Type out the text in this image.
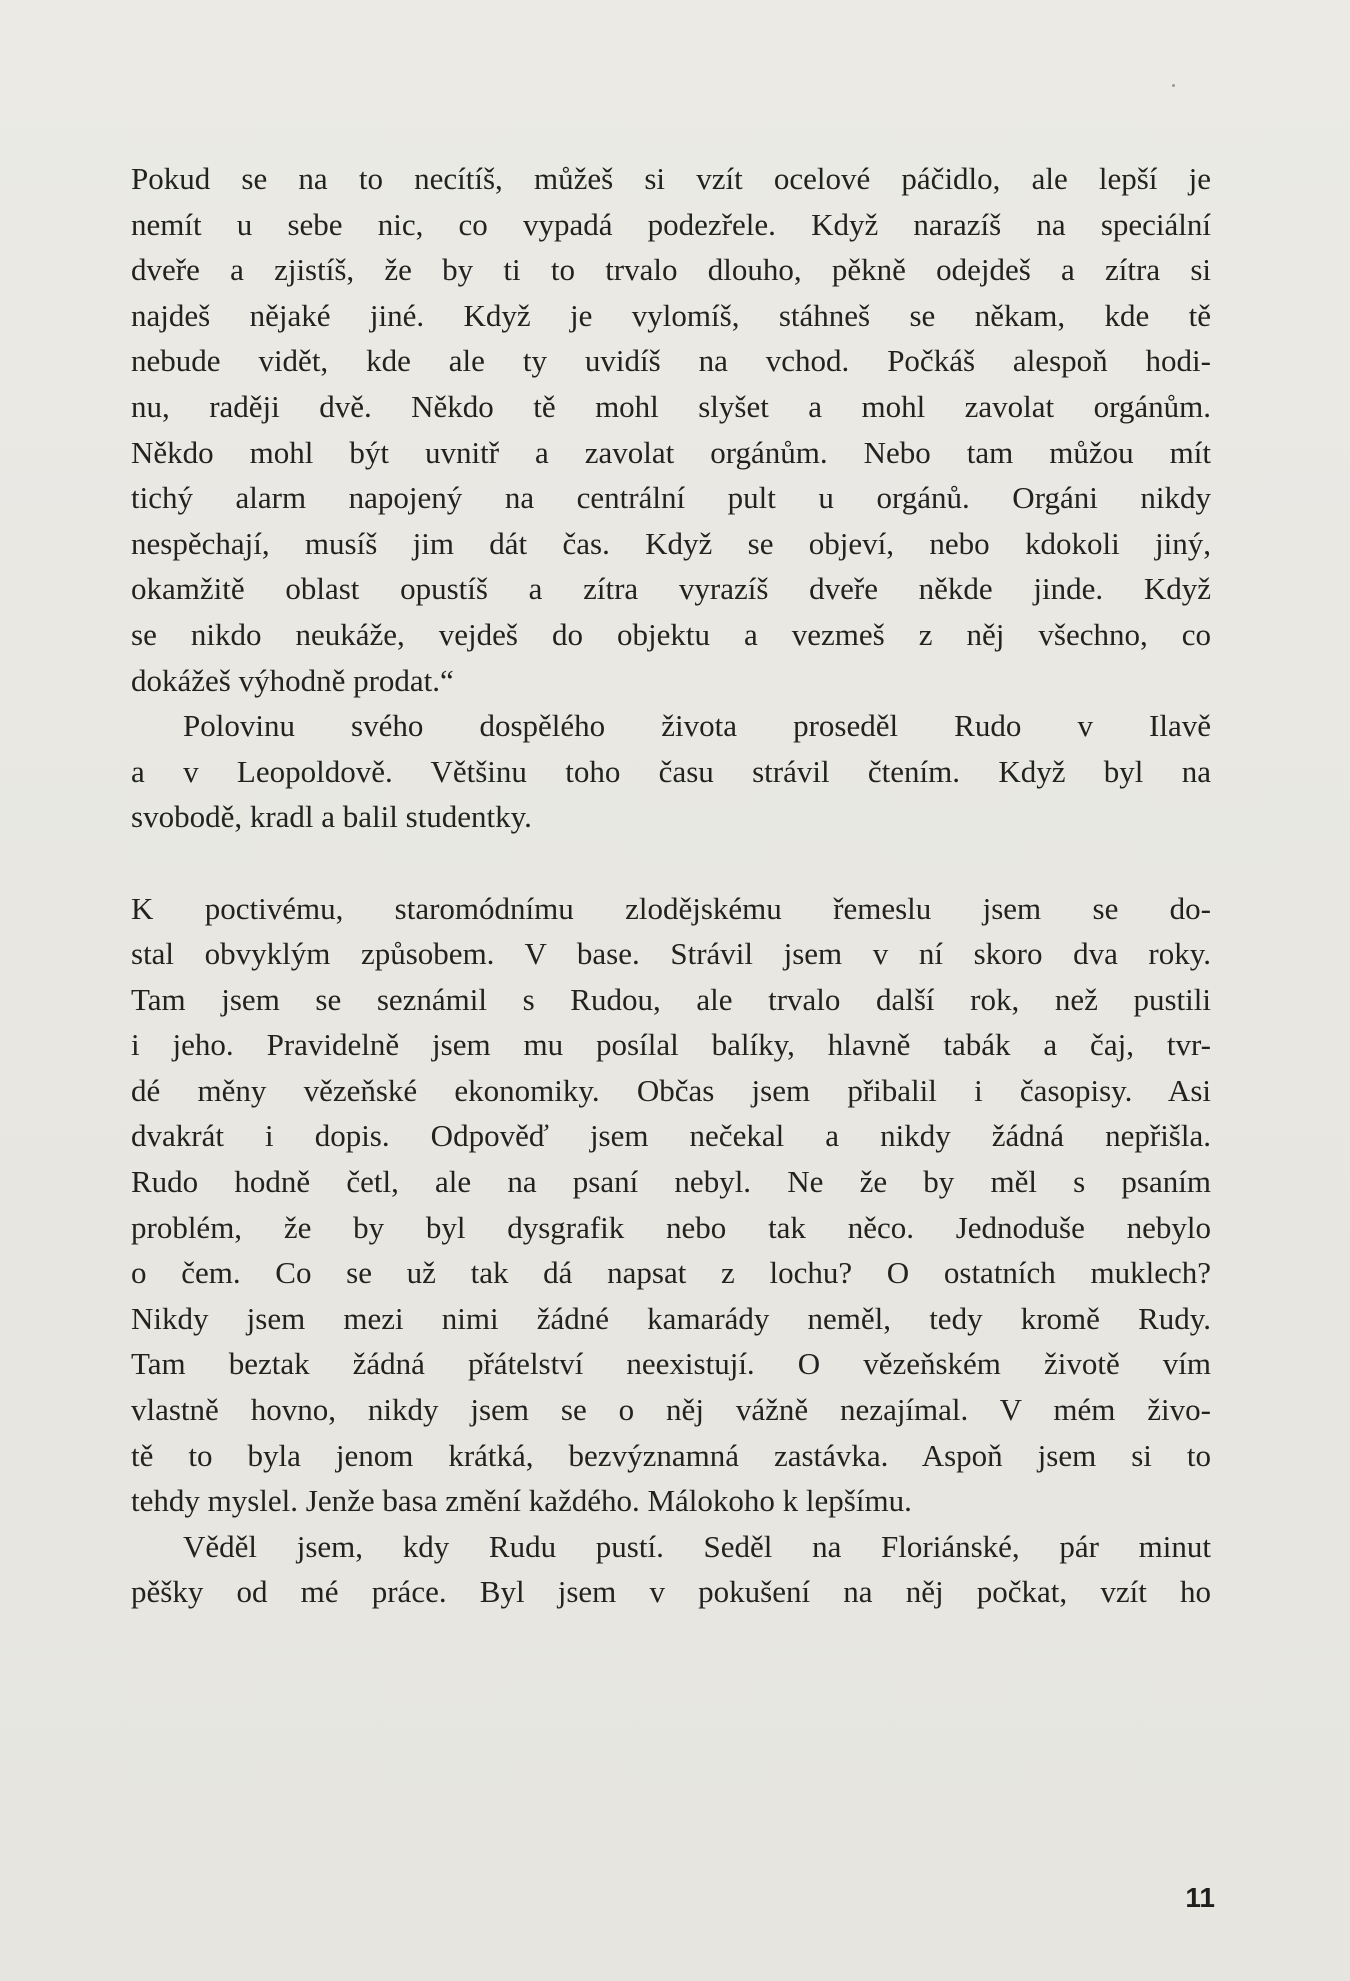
Pokud se na to necítíš, můžeš si vzít ocelové páčidlo, ale lepší je
nemít u sebe nic, co vypadá podezřele. Když narazíš na speciální
dveře a zjistíš, že by ti to trvalo dlouho, pěkně odejdeš a zítra si
najdeš nějaké jiné. Když je vylomíš, stáhneš se někam, kde tě
nebude vidět, kde ale ty uvidíš na vchod. Počkáš alespoň hodi-
nu, raději dvě. Někdo tě mohl slyšet a mohl zavolat orgánům.
Někdo mohl být uvnitř a zavolat orgánům. Nebo tam můžou mít
tichý alarm napojený na centrální pult u orgánů. Orgáni nikdy
nespěchají, musíš jim dát čas. Když se objeví, nebo kdokoli jiný,
okamžitě oblast opustíš a zítra vyrazíš dveře někde jinde. Když
se nikdo neukáže, vejdeš do objektu a vezmeš z něj všechno, co
dokážeš výhodně prodat.“
Polovinu svého dospělého života proseděl Rudo v Ilavě
a v Leopoldově. Většinu toho času strávil čtením. Když byl na
svobodě, kradl a balil studentky.
K poctivému, staromódnímu zlodějskému řemeslu jsem se do-
stal obvyklým způsobem. V base. Strávil jsem v ní skoro dva roky.
Tam jsem se seznámil s Rudou, ale trvalo další rok, než pustili
i jeho. Pravidelně jsem mu posílal balíky, hlavně tabák a čaj, tvr-
dé měny vězeňské ekonomiky. Občas jsem přibalil i časopisy. Asi
dvakrát i dopis. Odpověď jsem nečekal a nikdy žádná nepřišla.
Rudo hodně četl, ale na psaní nebyl. Ne že by měl s psaním
problém, že by byl dysgrafik nebo tak něco. Jednoduše nebylo
o čem. Co se už tak dá napsat z lochu? O ostatních muklech?
Nikdy jsem mezi nimi žádné kamarády neměl, tedy kromě Rudy.
Tam beztak žádná přátelství neexistují. O vězeňském životě vím
vlastně hovno, nikdy jsem se o něj vážně nezajímal. V mém živo-
tě to byla jenom krátká, bezvýznamná zastávka. Aspoň jsem si to
tehdy myslel. Jenže basa změní každého. Málokoho k lepšímu.
Věděl jsem, kdy Rudu pustí. Seděl na Floriánské, pár minut
pěšky od mé práce. Byl jsem v pokušení na něj počkat, vzít ho
11
